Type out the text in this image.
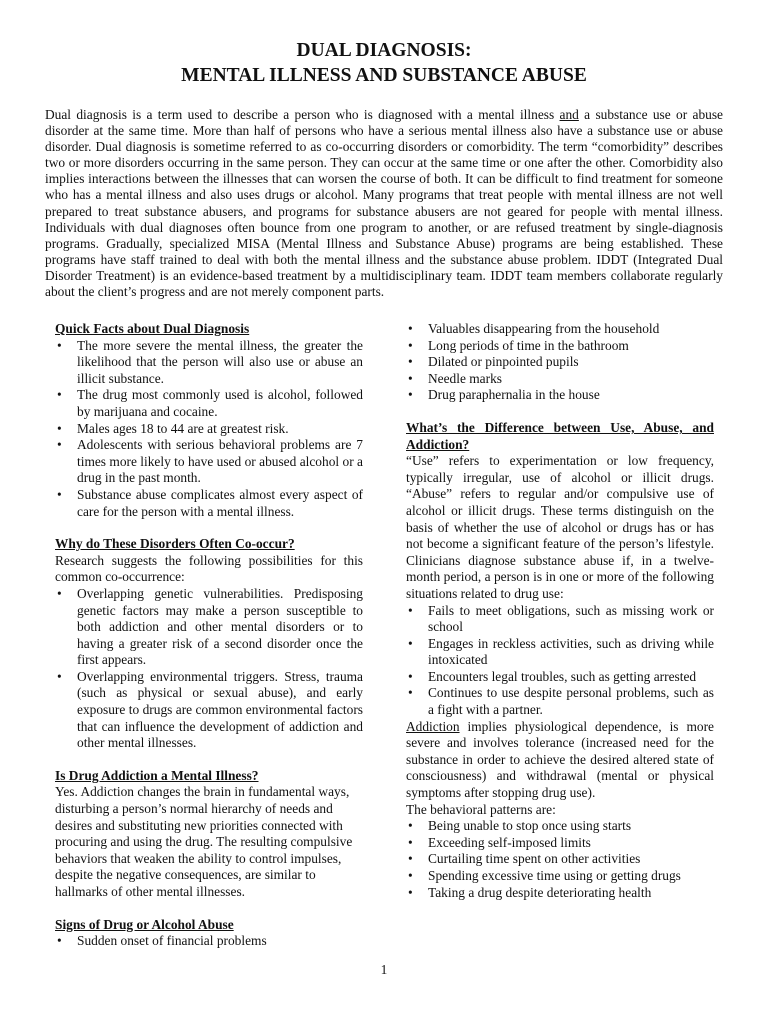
DUAL DIAGNOSIS:
MENTAL ILLNESS AND SUBSTANCE ABUSE

Dual diagnosis is a term used to describe a person who is diagnosed with a mental illness and a substance use or abuse disorder at the same time. More than half of persons who have a serious mental illness also have a substance use or abuse disorder. Dual diagnosis is sometime referred to as co-occurring disorders or comorbidity. The term “comorbidity” describes two or more disorders occurring in the same person. They can occur at the same time or one after the other. Comorbidity also implies interactions between the illnesses that can worsen the course of both. It can be difficult to find treatment for someone who has a mental illness and also uses drugs or alcohol. Many programs that treat people with mental illness are not well prepared to treat substance abusers, and programs for substance abusers are not geared for people with mental illness. Individuals with dual diagnoses often bounce from one program to another, or are refused treatment by single-diagnosis programs. Gradually, specialized MISA (Mental Illness and Substance Abuse) programs are being established. These programs have staff trained to deal with both the mental illness and the substance abuse problem. IDDT (Integrated Dual Disorder Treatment) is an evidence-based treatment by a multidisciplinary team. IDDT team members collaborate regularly about the client’s progress and are not merely component parts.

Quick Facts about Dual Diagnosis

• The more severe the mental illness, the greater the likelihood that the person will also use or abuse an illicit substance.
• The drug most commonly used is alcohol, followed by marijuana and cocaine.
• Males ages 18 to 44 are at greatest risk.
• Adolescents with serious behavioral problems are 7 times more likely to have used or abused alcohol or a drug in the past month.
• Substance abuse complicates almost every aspect of care for the person with a mental illness.

Why do These Disorders Often Co-occur?

Research suggests the following possibilities for this common co-occurrence:

• Overlapping genetic vulnerabilities. Predisposing genetic factors may make a person susceptible to both addiction and other mental disorders or to having a greater risk of a second disorder once the first appears.
• Overlapping environmental triggers. Stress, trauma (such as physical or sexual abuse), and early exposure to drugs are common environmental factors that can influence the development of addiction and other mental illnesses.

Is Drug Addiction a Mental Illness?

Yes. Addiction changes the brain in fundamental ways, disturbing a person’s normal hierarchy of needs and desires and substituting new priorities connected with procuring and using the drug. The resulting compulsive behaviors that weaken the ability to control impulses, despite the negative consequences, are similar to hallmarks of other mental illnesses.

Signs of Drug or Alcohol Abuse

• Sudden onset of financial problems
• Valuables disappearing from the household
• Long periods of time in the bathroom
• Dilated or pinpointed pupils
• Needle marks
• Drug paraphernalia in the house

What’s the Difference between Use, Abuse, and Addiction?

“Use” refers to experimentation or low frequency, typically irregular, use of alcohol or illicit drugs. “Abuse” refers to regular and/or compulsive use of alcohol or illicit drugs. These terms distinguish on the basis of whether the use of alcohol or drugs has or has not become a significant feature of the person’s lifestyle. Clinicians diagnose substance abuse if, in a twelve-month period, a person is in one or more of the following situations related to drug use:

• Fails to meet obligations, such as missing work or school
• Engages in reckless activities, such as driving while intoxicated
• Encounters legal troubles, such as getting arrested
• Continues to use despite personal problems, such as a fight with a partner.

Addiction implies physiological dependence, is more severe and involves tolerance (increased need for the substance in order to achieve the desired altered state of consciousness) and withdrawal (mental or physical symptoms after stopping drug use).

The behavioral patterns are:

• Being unable to stop once using starts
• Exceeding self-imposed limits
• Curtailing time spent on other activities
• Spending excessive time using or getting drugs
• Taking a drug despite deteriorating health
1
